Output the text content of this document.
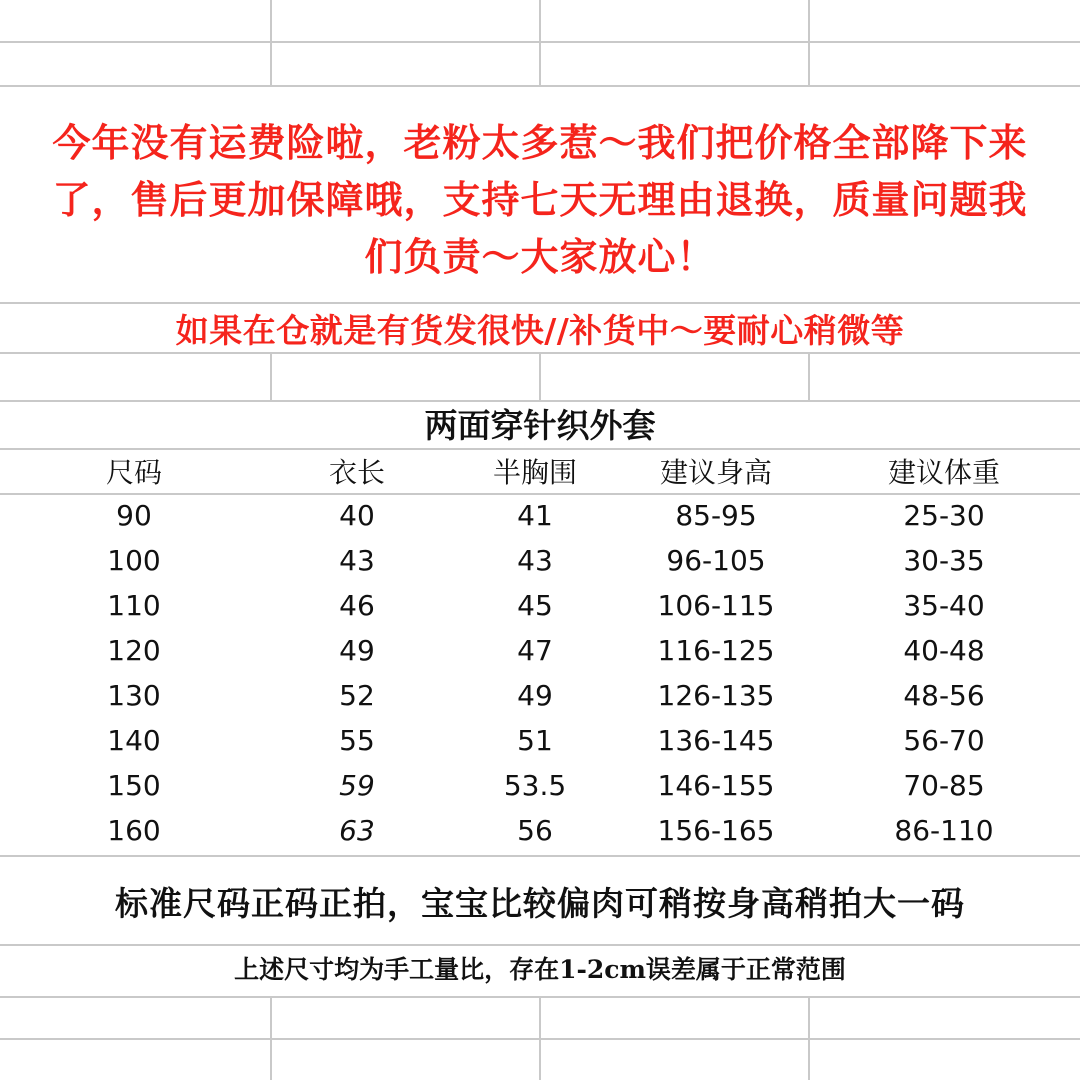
今年没有运费险啦，老粉太多惹～我们把价格全部降下来
了，售后更加保障哦，支持七天无理由退换，质量问题我
们负责～大家放心！
如果在仓就是有货发很快//补货中～要耐心稍微等
两面穿针织外套
尺码	衣长	半胸围	建议身高	建议体重
90	40	41	85-95	25-30
100	43	43	96-105	30-35
110	46	45	106-115	35-40
120	49	47	116-125	40-48
130	52	49	126-135	48-56
140	55	51	136-145	56-70
150	59	53.5	146-155	70-85
160	63	56	156-165	86-110
标准尺码正码正拍，宝宝比较偏肉可稍按身高稍拍大一码
上述尺寸均为手工量比，存在1-2cm误差属于正常范围
